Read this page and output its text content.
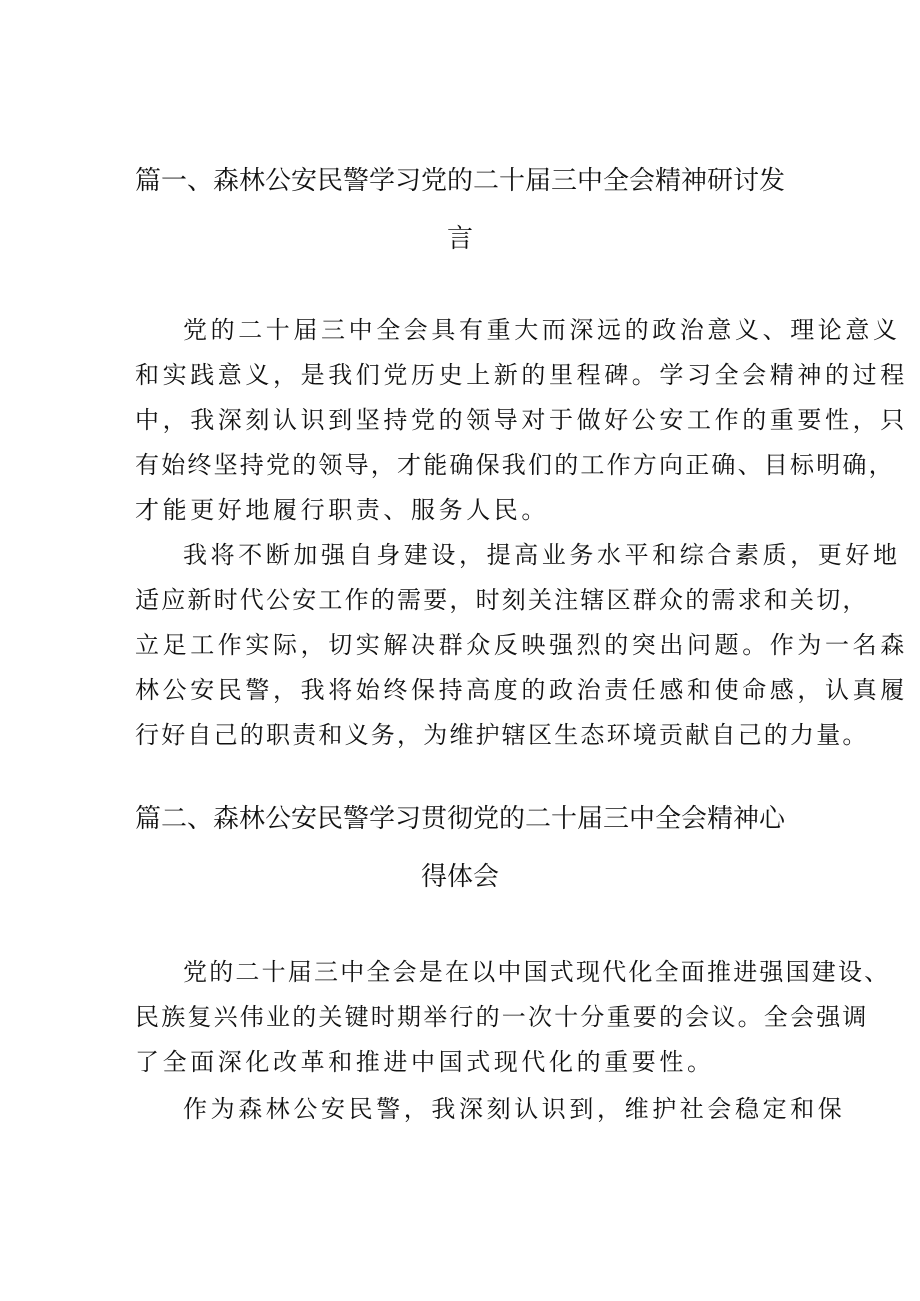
篇一、森林公安民警学习党的二十届三中全会精神研讨发
言
党的二十届三中全会具有重大而深远的政治意义、理论意义
和实践意义，是我们党历史上新的里程碑。学习全会精神的过程
中，我深刻认识到坚持党的领导对于做好公安工作的重要性，只
有始终坚持党的领导，才能确保我们的工作方向正确、目标明确，
才能更好地履行职责、服务人民。
我将不断加强自身建设，提高业务水平和综合素质，更好地
适应新时代公安工作的需要，时刻关注辖区群众的需求和关切，
立足工作实际，切实解决群众反映强烈的突出问题。作为一名森
林公安民警，我将始终保持高度的政治责任感和使命感，认真履
行好自己的职责和义务，为维护辖区生态环境贡献自己的力量。
篇二、森林公安民警学习贯彻党的二十届三中全会精神心
得体会
党的二十届三中全会是在以中国式现代化全面推进强国建设、
民族复兴伟业的关键时期举行的一次十分重要的会议。全会强调
了全面深化改革和推进中国式现代化的重要性。
作为森林公安民警，我深刻认识到，维护社会稳定和保
